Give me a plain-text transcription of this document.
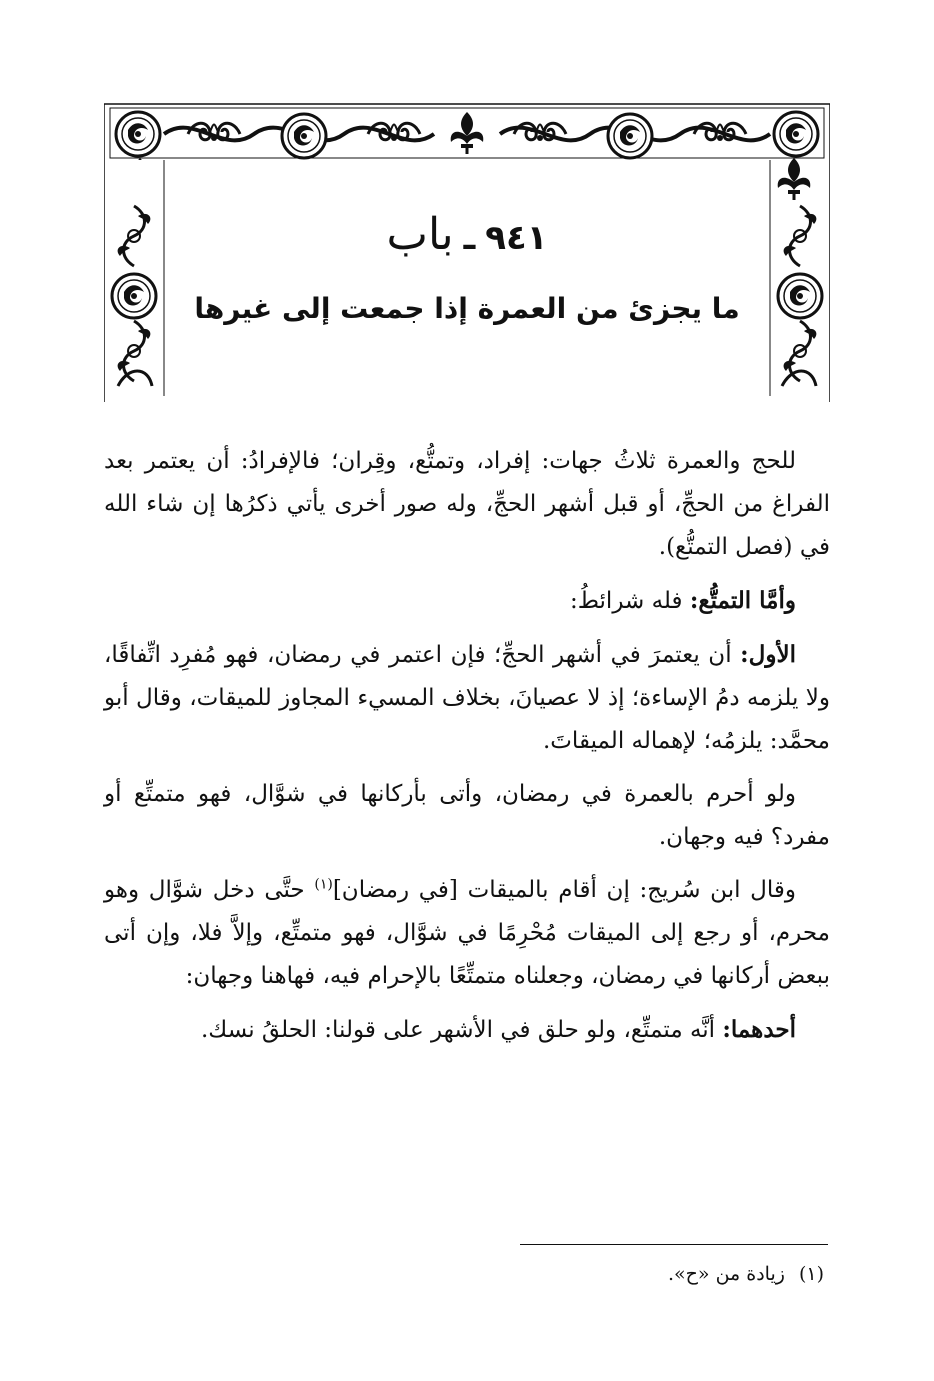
٩٤١
ـ
باب
ما يجزئ من العمرة إذا جمعت إلى غيرها

للحج والعمرة ثلاثُ جهات: إفراد، وتمتُّع، وقِران؛ فالإفرادُ: أن يعتمر بعد الفراغ من الحجِّ، أو قبل أشهر الحجِّ، وله صور أخرى يأتي ذكرُها إن شاء الله في (فصل التمتُّع).

وأمَّا التمتُّع: فله شرائطُ:

الأول: أن يعتمرَ في أشهر الحجِّ؛ فإن اعتمر في رمضان، فهو مُفرِد اتِّفاقًا، ولا يلزمه دمُ الإساءة؛ إذ لا عصيانَ، بخلاف المسيء المجاوز للميقات، وقال أبو محمَّد: يلزمُه؛ لإهماله الميقاتَ.

ولو أحرم بالعمرة في رمضان، وأتى بأركانها في شوَّال، فهو متمتِّع أو مفرد؟ فيه وجهان.

وقال ابن سُريج: إن أقام بالميقات [في رمضان]$^{(١)}$ حتَّى دخل شوَّال وهو محرم، أو رجع إلى الميقات مُحْرِمًا في شوَّال، فهو متمتِّع، وإلاَّ فلا، وإن أتى ببعض أركانها في رمضان، وجعلناه متمتِّعًا بالإحرام فيه، فهاهنا وجهان:

أحدهما: أنَّه متمتِّع، ولو حلق في الأشهر على قولنا: الحلقُ نسك.

(١)زيادة من «ح».
